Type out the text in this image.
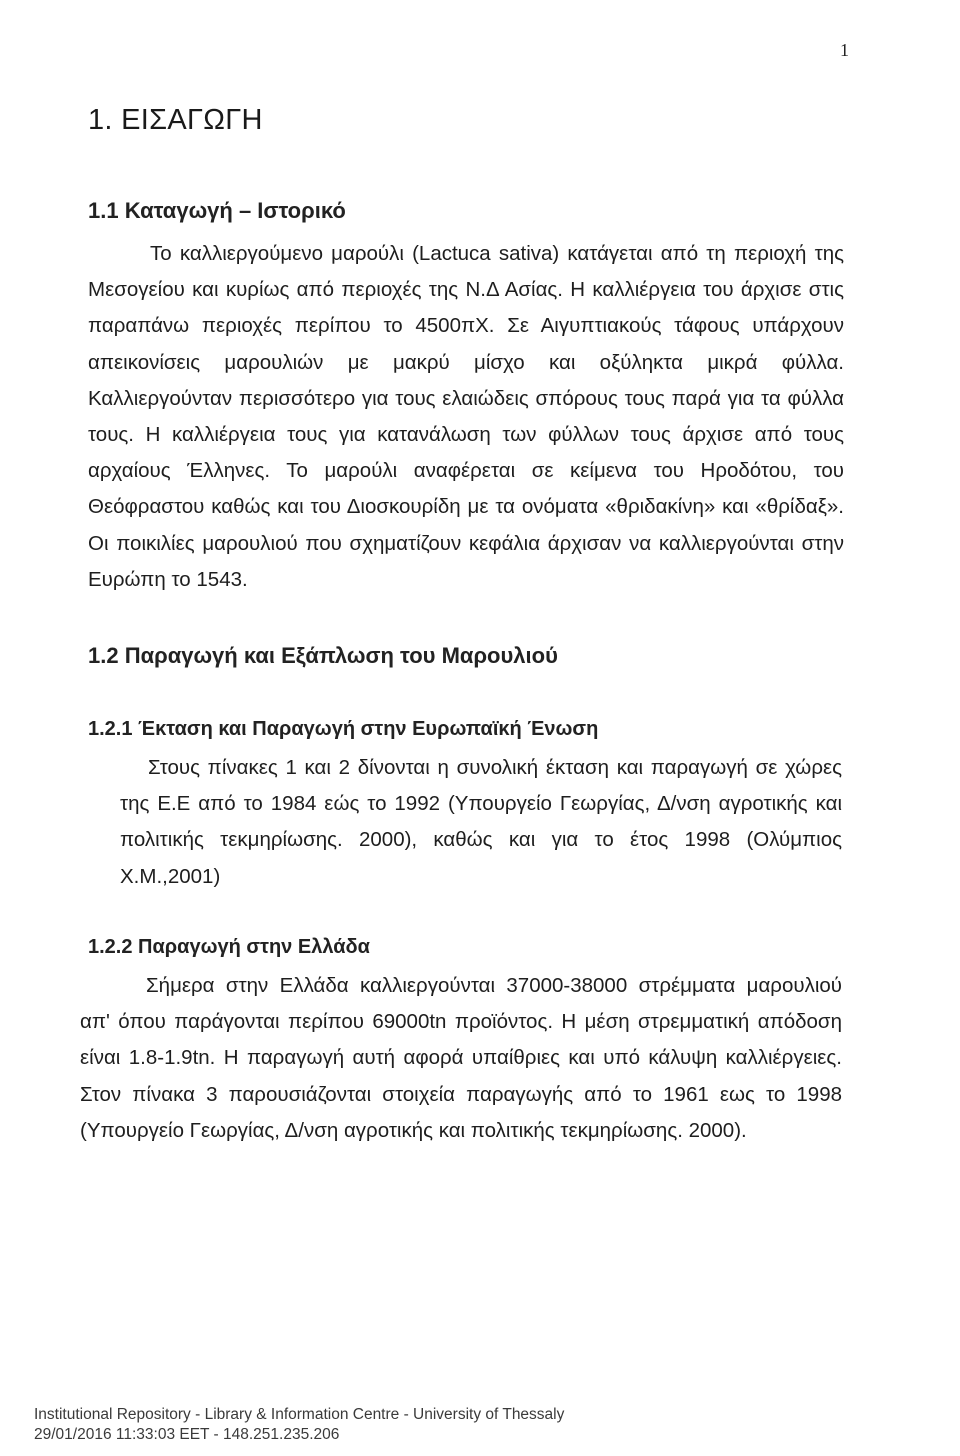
1
1. ΕΙΣΑΓΩΓΗ
1.1 Καταγωγή – Ιστορικό

Το καλλιεργούμενο μαρούλι (Lactuca sativa) κατάγεται από τη περιοχή της Μεσογείου και κυρίως από περιοχές της Ν.Δ Ασίας. Η καλλιέργεια του άρχισε στις παραπάνω περιοχές περίπου το 4500πΧ. Σε Αιγυπτιακούς τάφους υπάρχουν απεικονίσεις μαρουλιών με μακρύ μίσχο και οξύληκτα μικρά φύλλα. Καλλιεργούνταν περισσότερο για τους ελαιώδεις σπόρους τους παρά για τα φύλλα τους. Η καλλιέργεια τους για κατανάλωση των φύλλων τους άρχισε από τους αρχαίους Έλληνες. Το μαρούλι αναφέρεται σε κείμενα του Ηροδότου, του Θεόφραστου καθώς και του Διοσκουρίδη με τα ονόματα «θριδακίνη» και «θρίδαξ». Οι ποικιλίες μαρουλιού που σχηματίζουν κεφάλια άρχισαν να καλλιεργούνται στην Ευρώπη το 1543.

1.2 Παραγωγή και Εξάπλωση του Μαρουλιού
1.2.1 Έκταση και Παραγωγή στην Ευρωπαϊκή Ένωση

Στους πίνακες 1 και 2 δίνονται η συνολική έκταση και παραγωγή σε χώρες της Ε.Ε από το 1984 εώς το 1992 (Υπουργείο Γεωργίας, Δ/νση αγροτικής και πολιτικής τεκμηρίωσης. 2000), καθώς και για το έτος 1998 (Ολύμπιος Χ.Μ.,2001)

1.2.2 Παραγωγή στην Ελλάδα

Σήμερα στην Ελλάδα καλλιεργούνται 37000-38000 στρέμματα μαρουλιού απ' όπου παράγονται περίπου 69000tn προϊόντος. Η μέση στρεμματική απόδοση είναι 1.8-1.9tn. Η παραγωγή αυτή αφορά υπαίθριες και υπό κάλυψη καλλιέργειες. Στον πίνακα 3 παρουσιάζονται στοιχεία παραγωγής από το 1961 εως το 1998 (Υπουργείο Γεωργίας, Δ/νση αγροτικής και πολιτικής τεκμηρίωσης. 2000).

Institutional Repository - Library & Information Centre - University of Thessaly
29/01/2016 11:33:03 EET - 148.251.235.206
